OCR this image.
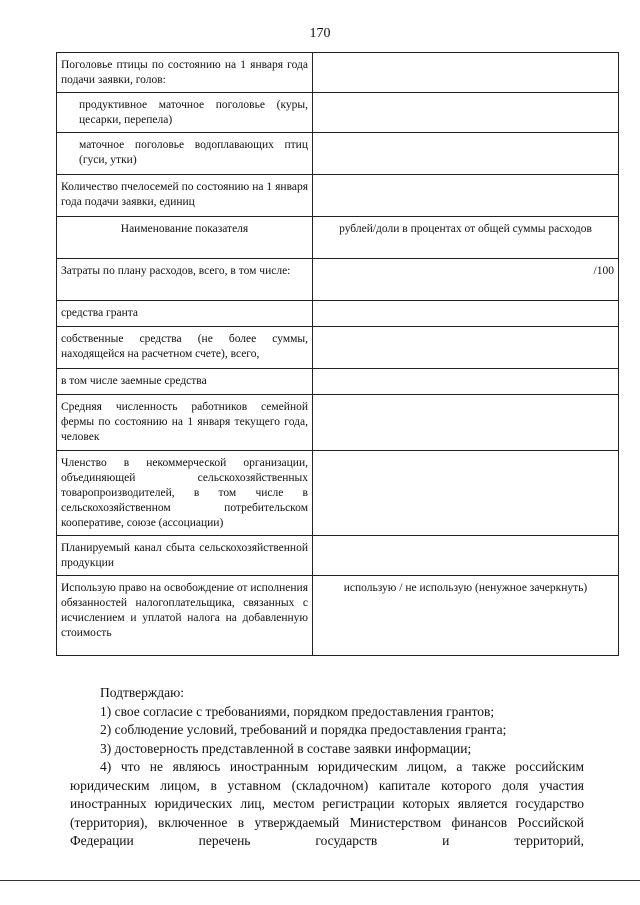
170
Поголовье птицы по состоянию на 1 января года подачи заявки, голов:	
продуктивное маточное поголовье (куры, цесарки, перепела)	
маточное поголовье водоплавающих птиц (гуси, утки)	
Количество пчелосемей по состоянию на 1 января года подачи заявки, единиц	
Наименование показателя	рублей/доли в процентах от общей суммы расходов
Затраты по плану расходов, всего, в том числе:	/100
средства гранта	
собственные средства (не более суммы, находящейся на расчетном счете), всего,	
в том числе заемные средства	
Средняя численность работников семейной фермы по состоянию на 1 января текущего года, человек	
Членство в некоммерческой организации, объединяющей сельскохозяйственных товаропроизводителей, в том числе в сельскохозяйственном потребительском кооперативе, союзе (ассоциации)	
Планируемый канал сбыта сельскохозяйственной продукции	
Использую право на освобождение от исполнения обязанностей налогоплательщика, связанных с исчислением и уплатой налога на добавленную стоимость	использую / не использую (ненужное зачеркнуть)

Подтверждаю:

1) свое согласие с требованиями, порядком предоставления грантов;

2) соблюдение условий, требований и порядка предоставления гранта;

3) достоверность представленной в составе заявки информации;

4) что не являюсь иностранным юридическим лицом, а также российским юридическим лицом, в уставном (складочном) капитале которого доля участия иностранных юридических лиц, местом регистрации которых является государство (территория), включенное в утверждаемый Министерством финансов Российской Федерации перечень государств и территорий,
